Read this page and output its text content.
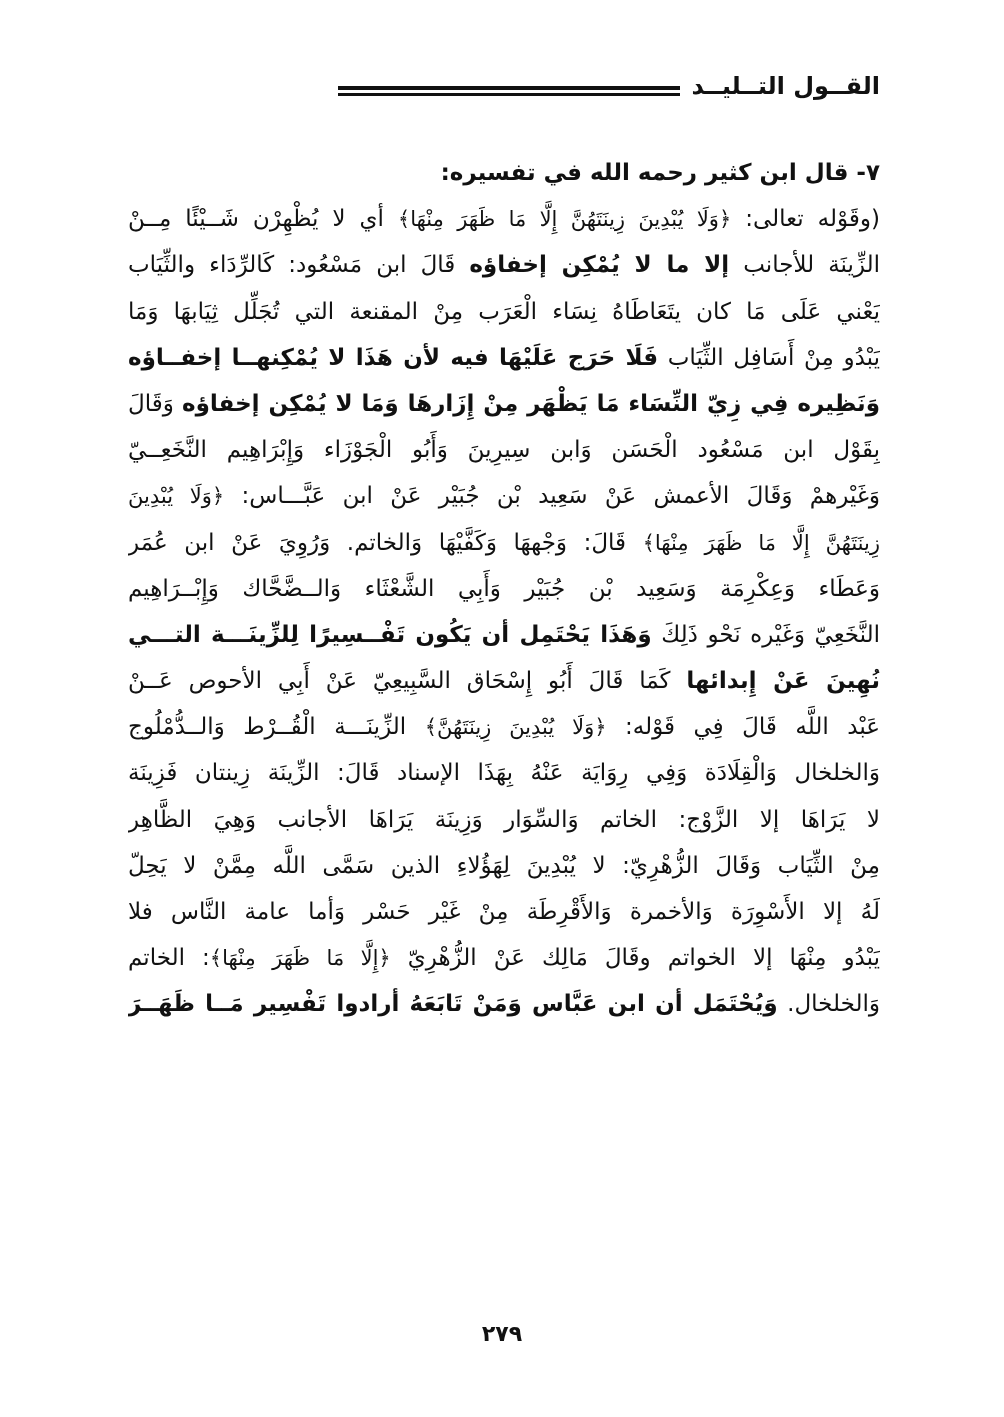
القــول التــليــد
٧- قال ابن كثير رحمه الله في تفسيره:
(وقَوْله تعالى: ﴿وَلَا يُبْدِينَ زِينَتَهُنَّ إِلَّا مَا ظَهَرَ مِنْهَا﴾ أي لا يُظْهِرْن شَــيْئًا مِــنْ
الزِّينَة للأجانب إلا ما لا يُمْكِن إخفاؤه قَالَ ابن مَسْعُود: كَالرِّدَاء والثِّيَاب
يَعْني عَلَى مَا كان يتَعَاطَاهُ نِسَاء الْعَرَب مِنْ المقنعة التي تُجَلِّل ثِيَابهَا وَمَا
يَبْدُو مِنْ أَسَافِل الثِّيَاب فَلَا حَرَج عَلَيْهَا فيه لأن هَذَا لا يُمْكِنهــا إخفــاؤه
وَنَظِيره فِي زِيّ النِّسَاء مَا يَظْهَر مِنْ إِزَارهَا وَمَا لا يُمْكِن إخفاؤه وَقَالَ
بِقَوْل ابن مَسْعُود الْحَسَن وَابن سِيرِينَ وَأَبُو الْجَوْزَاء وَإِبْرَاهِيم النَّخَعِــيّ
وَغَيْرهمْ وَقَالَ الأعمش عَنْ سَعِيد بْن جُبَيْر عَنْ ابن عَبَّـــاس: ﴿وَلَا يُبْدِينَ
زِينَتَهُنَّ إِلَّا مَا ظَهَرَ مِنْهَا﴾ قَالَ: وَجْههَا وَكَفَّيْهَا وَالخاتم. وَرُوِيَ عَنْ ابن عُمَر
وَعَطَاء وَعِكْرِمَة وَسَعِيد بْن جُبَيْر وَأَبِي الشَّعْثَاء وَالــضَّحَّاك وَإِبْــرَاهِيم
النَّخَعِيّ وَغَيْره نَحْو ذَلِكَ وَهَذَا يَحْتَمِل أن يَكُون تَفْــسِيرًا لِلزِّينَـــة التـــي
نُهِينَ عَنْ إِبدائها كَمَا قَالَ أَبُو إِسْحَاق السَّبِيعِيّ عَنْ أَبِي الأحوص عَــنْ
عَبْد اللَّه قَالَ فِي قَوْله: ﴿وَلَا يُبْدِينَ زِينَتَهُنَّ﴾ الزِّينَـــة الْقُــرْط وَالــدُّمْلُوج
وَالخلخال وَالْقِلَادَة وَفِي رِوَايَة عَنْهُ بِهَذَا الإسناد قَالَ: الزِّينَة زِينتان فَزِينَة
لا يَرَاهَا إلا الزَّوْج: الخاتم وَالسِّوَار وَزِينَة يَرَاهَا الأجانب وَهِيَ الظَّاهِر
مِنْ الثِّيَاب وَقَالَ الزُّهْرِيّ: لا يُبْدِينَ لِهَؤُلاءِ الذين سَمَّى اللَّه مِمَّنْ لا يَحِلّ
لَهُ إلا الأَسْوِرَة وَالأخمرة وَالأَقْرِطَة مِنْ غَيْر حَسْر وَأما عامة النَّاس فلا
يَبْدُو مِنْهَا إلا الخواتم وقَالَ مَالِك عَنْ الزُّهْرِيّ ﴿إِلَّا مَا ظَهَرَ مِنْهَا﴾: الخاتم
وَالخلخال. وَيُحْتَمَل أن ابن عَبَّاس وَمَنْ تَابَعَهُ أرادوا تَفْسِير مَــا ظَهَــرَ
٢٧٩
